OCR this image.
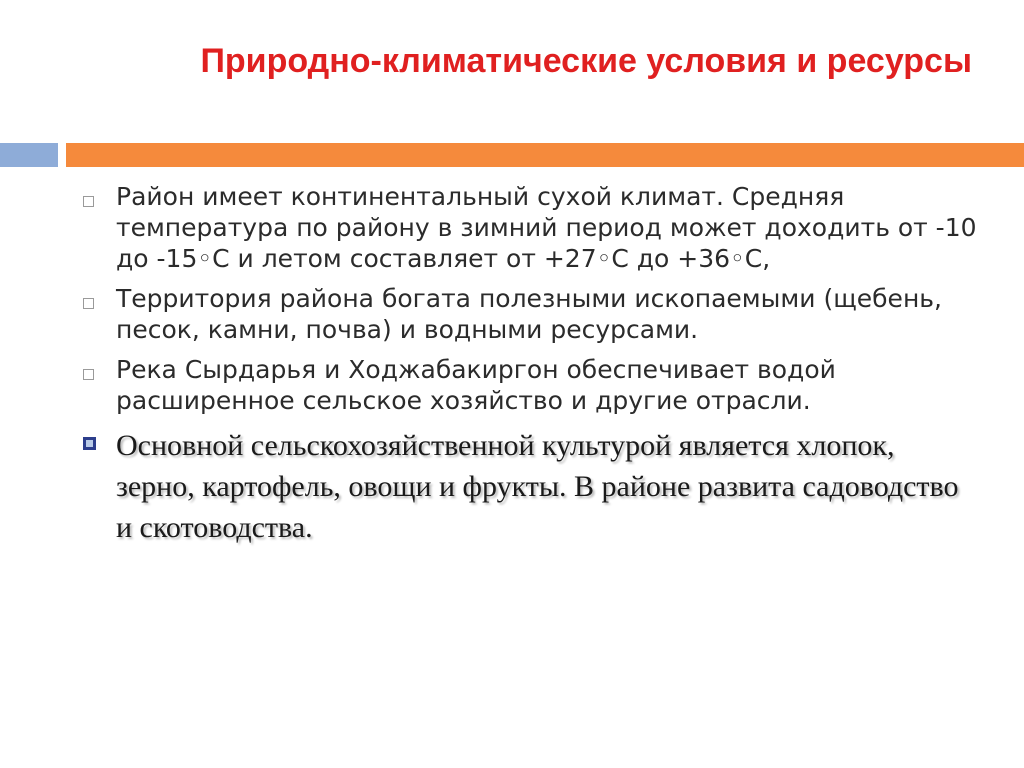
Природно-климатические условия и ресурсы
Район имеет континентальный сухой климат. Средняя температура по району в зимний период может доходить от -10 до -15◦С и летом составляет от +27◦С до +36◦С,
Территория района богата полезными ископаемыми (щебень, песок, камни, почва) и водными ресурсами.
Река Сырдарья и Ходжабакиргон обеспечивает водой расширенное сельское хозяйство и другие отрасли.
Основной сельскохозяйственной культурой является хлопок, зерно, картофель, овощи и фрукты. В районе развита садоводство и скотоводства.
